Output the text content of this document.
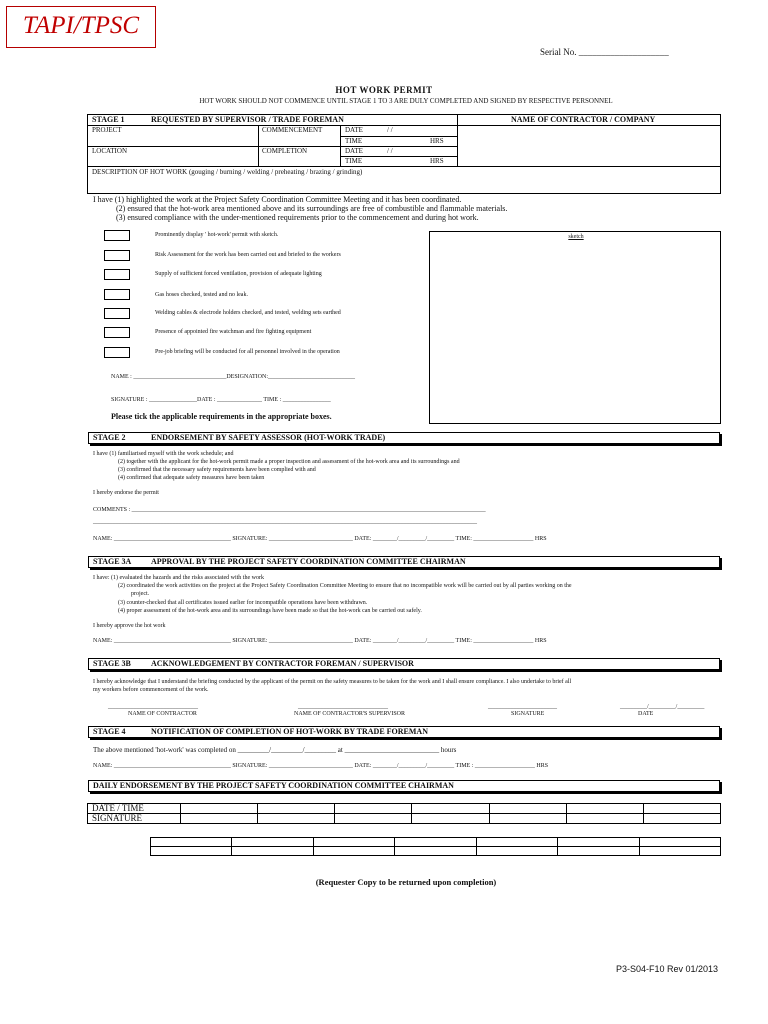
TAPI/TPSC
Serial No. ____________________
HOT WORK PERMIT
HOT WORK SHOULD NOT COMMENCE UNTIL STAGE 1 TO 3 ARE DULY COMPLETED AND SIGNED BY RESPECTIVE PERSONNEL
STAGE 1	REQUESTED BY SUPERVISOR / TRADE FOREMAN	NAME OF CONTRACTOR / COMPANY
PROJECT	COMMENCEMENT	DATE	/ /
TIME	HRS
LOCATION	COMPLETION	DATE	/ /
TIME	HRS
DESCRIPTION OF HOT WORK (gouging / burning / welding / preheating / brazing / grinding)
I have (1) highlighted the work at the Project Safety Coordination Committee Meeting and it has been coordinated.
(2) ensured that the hot-work area mentioned above and its surroundings are free of combustible and flammable materials.
(3) ensured compliance with the under-mentioned requirements prior to the commencement and during hot work.
Prominently display ' hot-work' permit with sketch.
Risk Assessment for the work has been carried out and briefed to the workers
Supply of sufficient forced ventilation, provision of adequate lighting
Gas hoses checked, tested and no leak.
Welding cables & electrode holders checked, and tested, welding sets earthed
Presence of appointed fire watchman and fire fighting equipment
Pre-job briefing will be conducted for all personnel involved in the operation
sketch
NAME : _______________________________DESIGNATION:_____________________________
SIGNATURE : ________________DATE : _______________ TIME : ________________
Please tick the applicable requirements in the appropriate boxes.
STAGE 2	ENDORSEMENT BY SAFETY ASSESSOR (HOT-WORK TRADE)
I have (1) familiarised myself with the work schedule; and
(2) together with the applicant for the hot-work permit made a proper inspection and assessment of the hot-work area and its surroundings and
(3) confirmed that the necessary safety requirements have been complied with and
(4) confirmed that adequate safety measures have been taken
I hereby endorse the permit
COMMENTS : ______________________________________________________________________________________________________________________
________________________________________________________________________________________________________________________________
NAME: _______________________________________ SIGNATURE: ____________________________ DATE: ________/_________/_________ TIME: ____________________ HRS
STAGE 3A APPROVAL BY THE PROJECT SAFETY COORDINATION COMMITTEE CHAIRMAN
I have: (1) evaluated the hazards and the risks associated with the work
(2) coordinated the work activities on the project at the Project Safety Coordination Committee Meeting to ensure that no incompatible work will be carried out by all parties working on the
project.
(3) counter-checked that all certificates issued earlier for incompatible operations have been withdrawn.
(4) proper assessment of the hot-work area and its surroundings have been made so that the hot-work can be carried out safely.
I hereby approve the hot work
NAME: _______________________________________ SIGNATURE: ____________________________ DATE: ________/_________/_________ TIME: ____________________ HRS
STAGE 3B	ACKNOWLEDGEMENT BY CONTRACTOR FOREMAN / SUPERVISOR
I hereby acknowledge that I understand the briefing conducted by the applicant of the permit on the safety measures to be taken for the work and I shall ensure compliance. I also undertake to brief all
my workers before commencement of the work.
______________________________	______________________________	_______________________	_________/_________/_________
NAME OF CONTRACTOR	NAME OF CONTRACTOR'S SUPERVISOR	SIGNATURE	DATE
STAGE 4	NOTIFICATION OF COMPLETION OF HOT-WORK BY TRADE FOREMAN
The above mentioned 'hot-work' was completed on _________/_________/_________ at ___________________________ hours
NAME: _______________________________________ SIGNATURE: ____________________________ DATE: ________/_________/_________ TIME : ____________________ HRS
DAILY ENDORSEMENT BY THE PROJECT SAFETY COORDINATION COMMITTEE CHAIRMAN
DATE / TIME							
SIGNATURE							

(Requester Copy to be returned upon completion)
P3-S04-F10 Rev 01/2013
